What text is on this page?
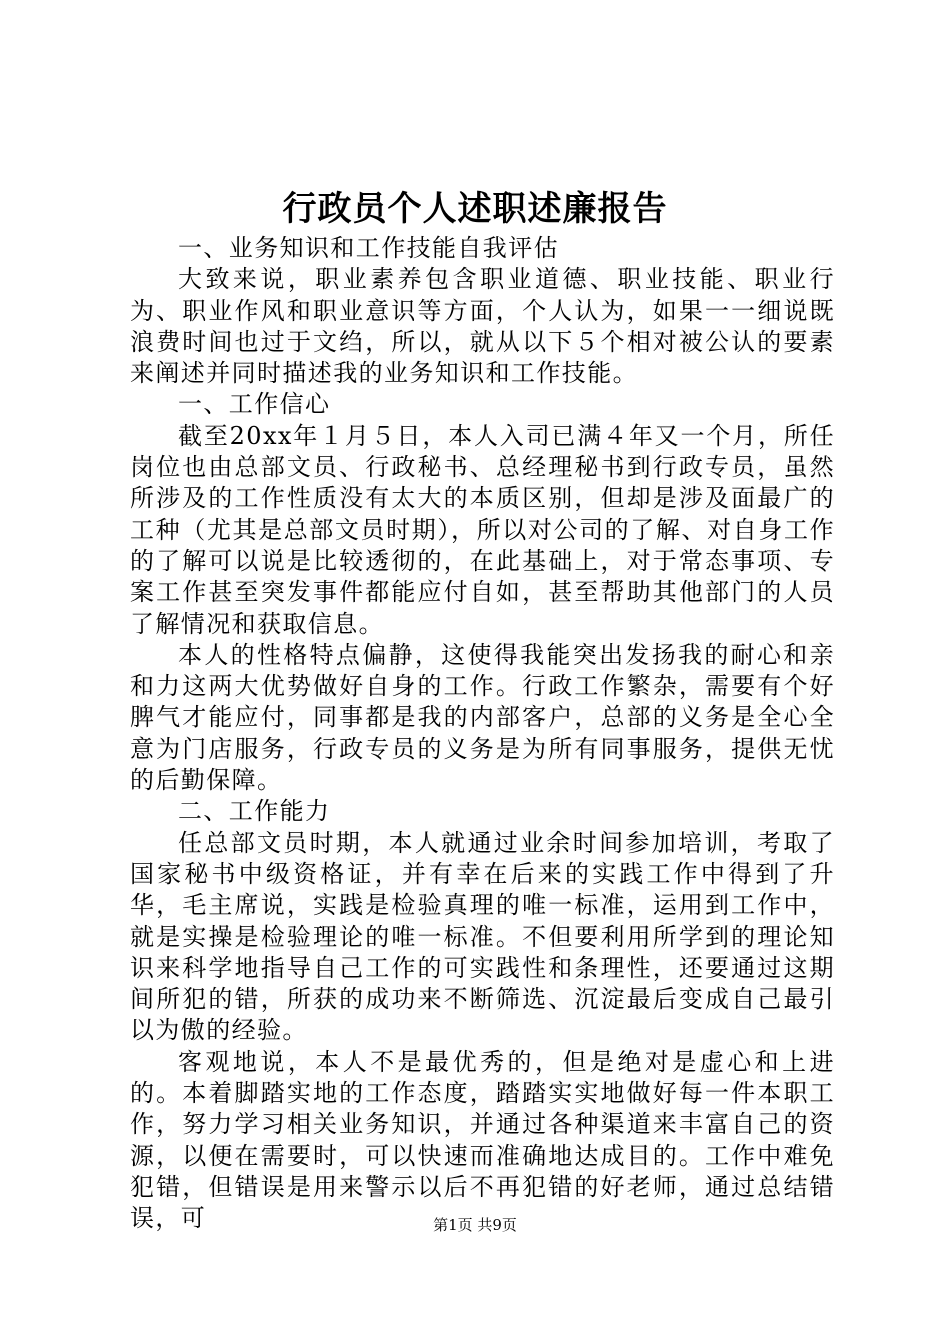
行政员个人述职述廉报告

一、业务知识和工作技能自我评估

大致来说，职业素养包含职业道德、职业技能、职业行为、职业作风和职业意识等方面，个人认为，如果一一细说既浪费时间也过于文绉，所以，就从以下５个相对被公认的要素来阐述并同时描述我的业务知识和工作技能。

一、工作信心

截至20xx年１月５日，本人入司已满４年又一个月，所任岗位也由总部文员、行政秘书、总经理秘书到行政专员，虽然所涉及的工作性质没有太大的本质区别，但却是涉及面最广的工种（尤其是总部文员时期），所以对公司的了解、对自身工作的了解可以说是比较透彻的，在此基础上，对于常态事项、专案工作甚至突发事件都能应付自如，甚至帮助其他部门的人员了解情况和获取信息。

本人的性格特点偏静，这使得我能突出发扬我的耐心和亲和力这两大优势做好自身的工作。行政工作繁杂，需要有个好脾气才能应付，同事都是我的内部客户，总部的义务是全心全意为门店服务，行政专员的义务是为所有同事服务，提供无忧的后勤保障。

二、工作能力

任总部文员时期，本人就通过业余时间参加培训，考取了国家秘书中级资格证，并有幸在后来的实践工作中得到了升华，毛主席说，实践是检验真理的唯一标准，运用到工作中，就是实操是检验理论的唯一标准。不但要利用所学到的理论知识来科学地指导自己工作的可实践性和条理性，还要通过这期间所犯的错，所获的成功来不断筛选、沉淀最后变成自己最引以为傲的经验。

客观地说，本人不是最优秀的，但是绝对是虚心和上进的。本着脚踏实地的工作态度，踏踏实实地做好每一件本职工作，努力学习相关业务知识，并通过各种渠道来丰富自己的资源，以便在需要时，可以快速而准确地达成目的。工作中难免犯错，但错误是用来警示以后不再犯错的好老师，通过总结错误，可	第1页 共9页
